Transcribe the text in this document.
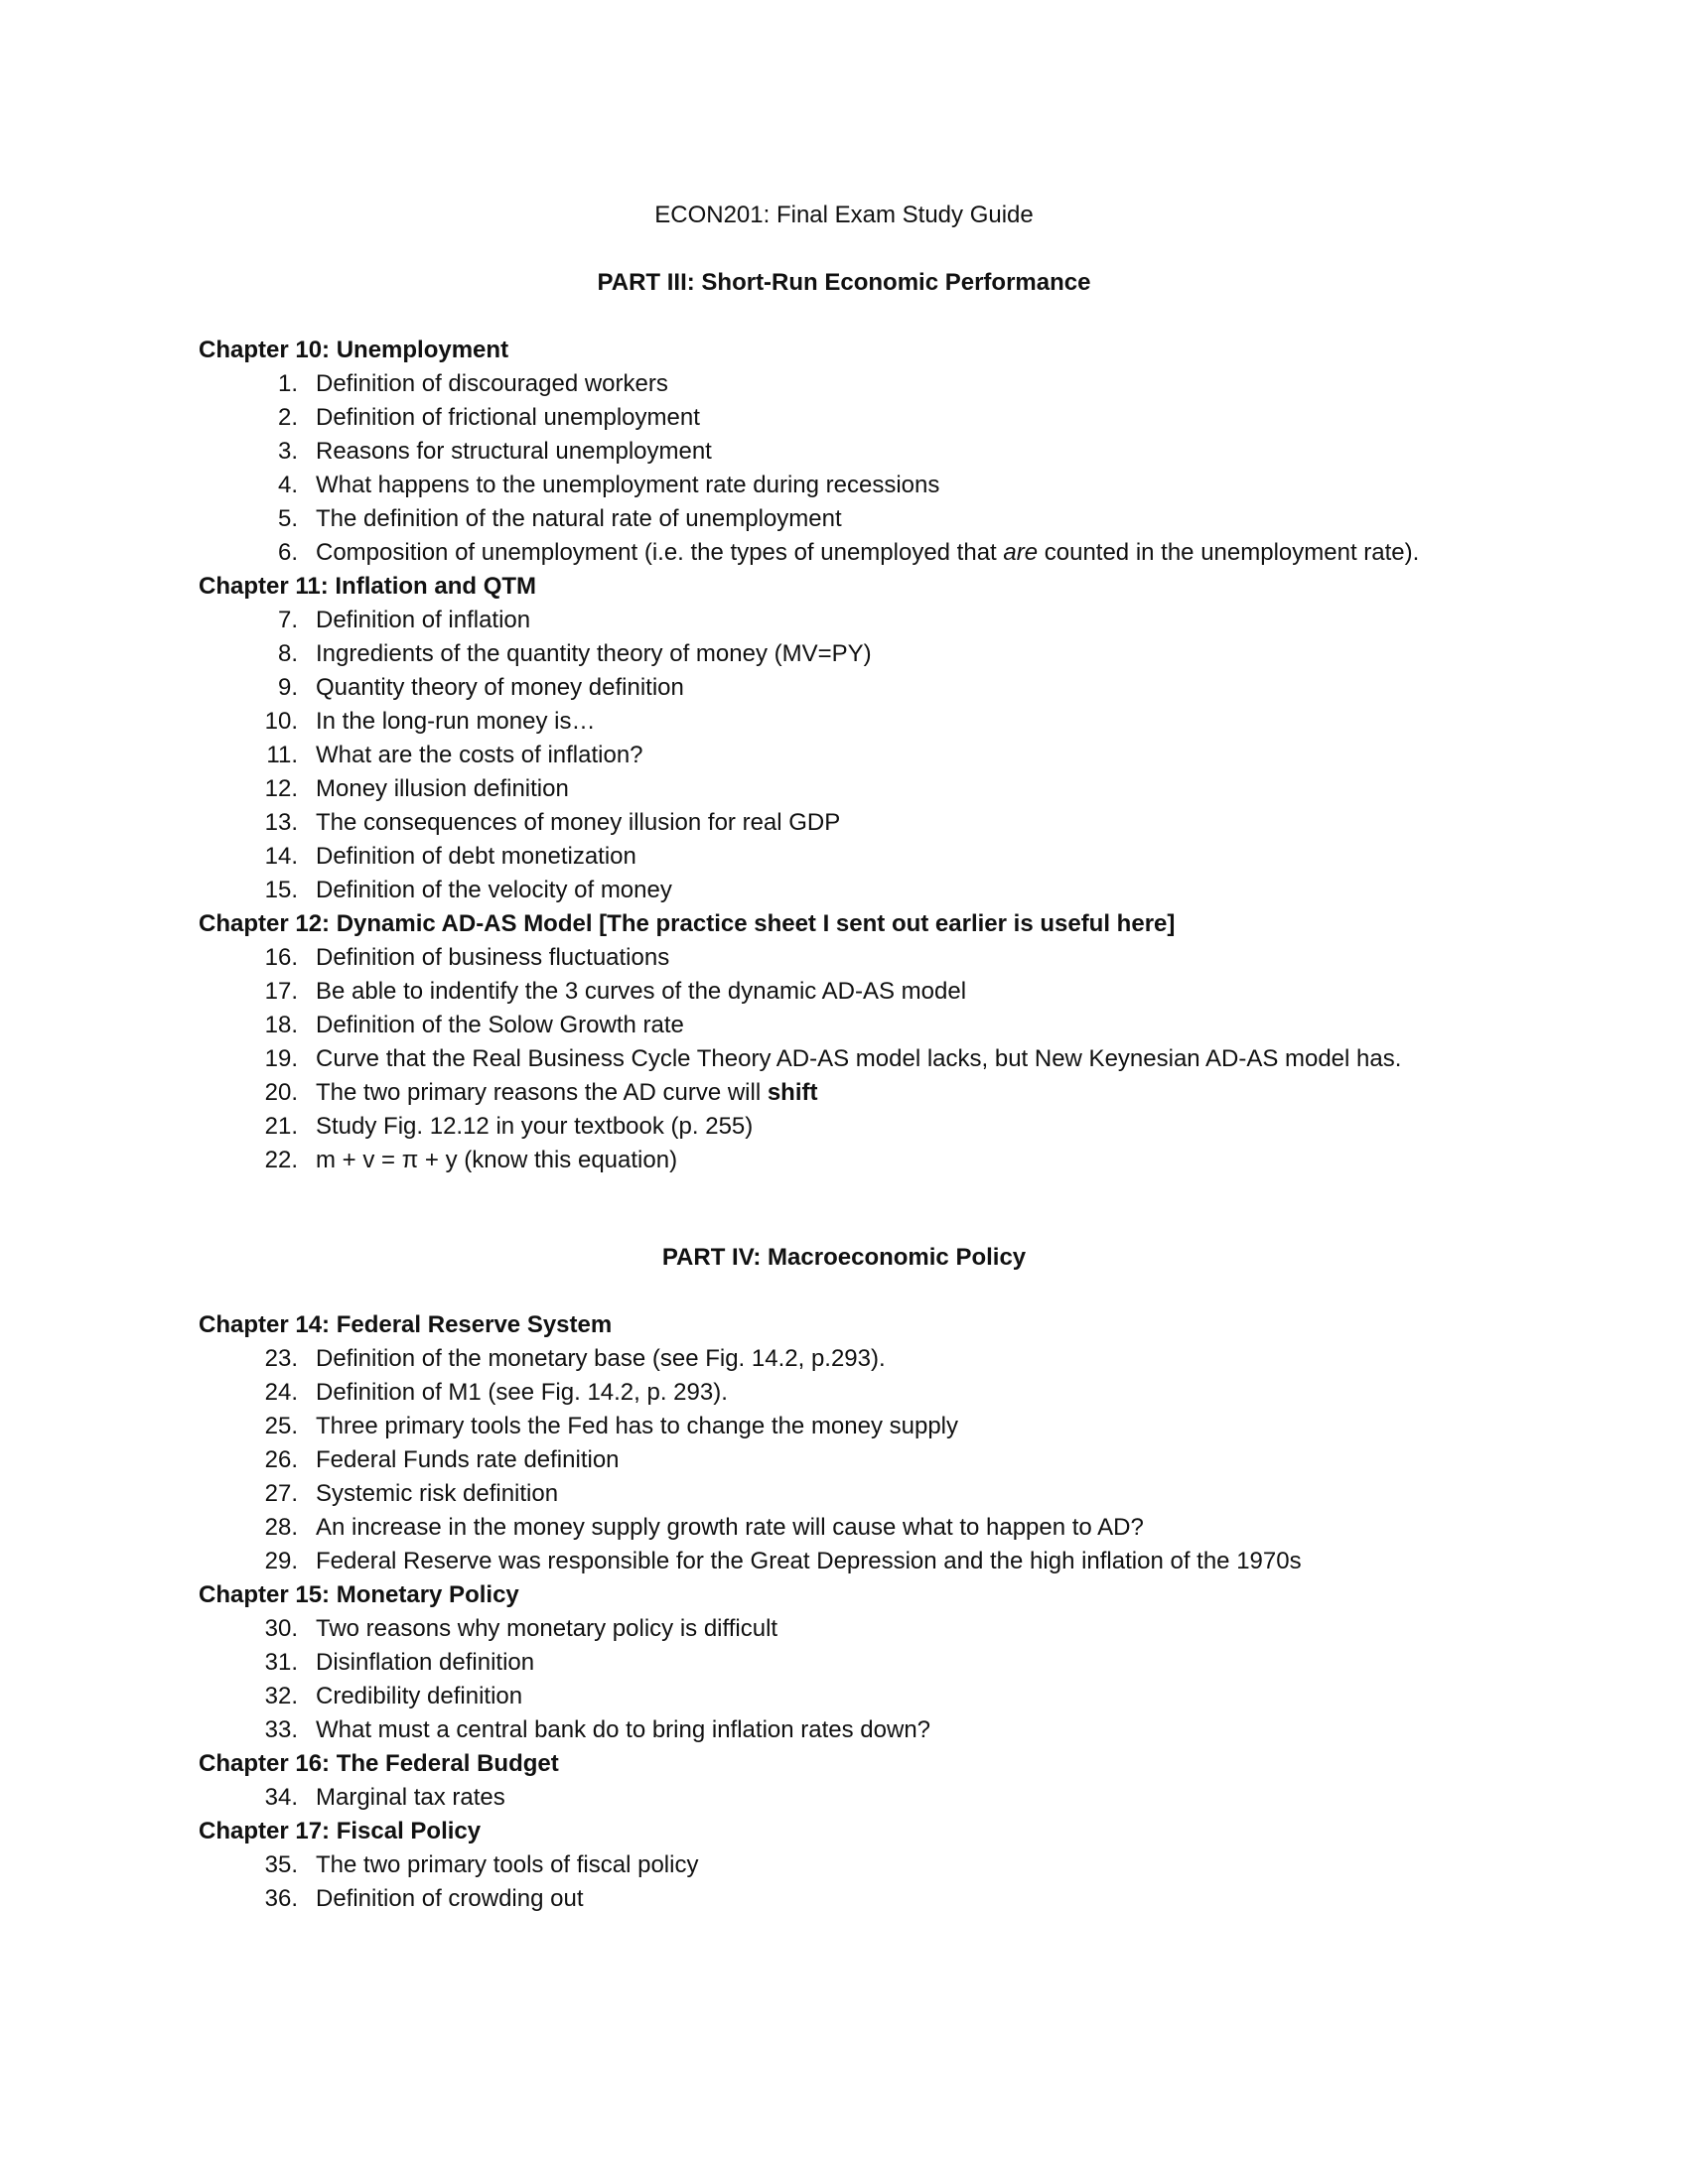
ECON201: Final Exam Study Guide
PART III: Short-Run Economic Performance
Chapter 10: Unemployment
1. Definition of discouraged workers
2. Definition of frictional unemployment
3. Reasons for structural unemployment
4. What happens to the unemployment rate during recessions
5. The definition of the natural rate of unemployment
6. Composition of unemployment (i.e. the types of unemployed that are counted in the unemployment rate).
Chapter 11: Inflation and QTM
7. Definition of inflation
8. Ingredients of the quantity theory of money (MV=PY)
9. Quantity theory of money definition
10. In the long-run money is…
11. What are the costs of inflation?
12. Money illusion definition
13. The consequences of money illusion for real GDP
14. Definition of debt monetization
15. Definition of the velocity of money
Chapter 12: Dynamic AD-AS Model [The practice sheet I sent out earlier is useful here]
16. Definition of business fluctuations
17. Be able to indentify the 3 curves of the dynamic AD-AS model
18. Definition of the Solow Growth rate
19. Curve that the Real Business Cycle Theory AD-AS model lacks, but New Keynesian AD-AS model has.
20. The two primary reasons the AD curve will shift
21. Study Fig. 12.12 in your textbook (p. 255)
22. m + v = π + y (know this equation)
PART IV: Macroeconomic Policy
Chapter 14: Federal Reserve System
23. Definition of the monetary base (see Fig. 14.2, p.293).
24. Definition of M1 (see Fig. 14.2, p. 293).
25. Three primary tools the Fed has to change the money supply
26. Federal Funds rate definition
27. Systemic risk definition
28. An increase in the money supply growth rate will cause what to happen to AD?
29. Federal Reserve was responsible for the Great Depression and the high inflation of the 1970s
Chapter 15: Monetary Policy
30. Two reasons why monetary policy is difficult
31. Disinflation definition
32. Credibility definition
33. What must a central bank do to bring inflation rates down?
Chapter 16: The Federal Budget
34. Marginal tax rates
Chapter 17: Fiscal Policy
35. The two primary tools of fiscal policy
36. Definition of crowding out
